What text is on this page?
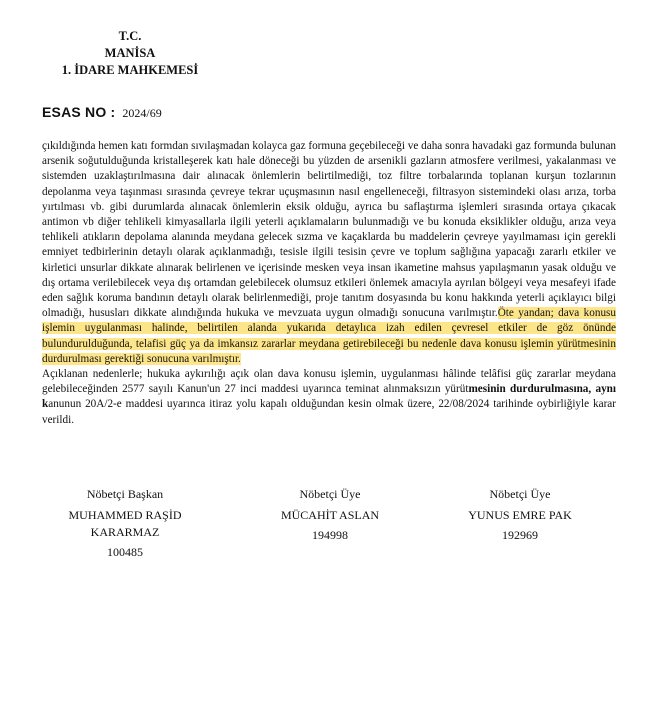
T.C.
MANİSA
1. İDARE MAHKEMESİ
ESAS NO : 2024/69

çıkıldığında hemen katı formdan sıvılaşmadan kolayca gaz formuna geçebileceği ve daha sonra havadaki gaz formunda bulunan arsenik soğutulduğunda kristalleşerek katı hale döneceği bu yüzden de arsenikli gazların atmosfere verilmesi, yakalanması ve sistemden uzaklaştırılmasına dair alınacak önlemlerin belirtilmediği, toz filtre torbalarında toplanan kurşun tozlarının depolanma veya taşınması sırasında çevreye tekrar uçuşmasının nasıl engelleneceği, filtrasyon sistemindeki olası arıza, torba yırtılması vb. gibi durumlarda alınacak önlemlerin eksik olduğu, ayrıca bu saflaştırma işlemleri sırasında ortaya çıkacak antimon vb diğer tehlikeli kimyasallarla ilgili yeterli açıklamaların bulunmadığı ve bu konuda eksiklikler olduğu, arıza veya tehlikeli atıkların depolama alanında meydana gelecek sızma ve kaçaklarda bu maddelerin çevreye yayılmaması için gerekli emniyet tedbirlerinin detaylı olarak açıklanmadığı, tesisle ilgili tesisin çevre ve toplum sağlığına yapacağı zararlı etkiler ve kirletici unsurlar dikkate alınarak belirlenen ve içerisinde mesken veya insan ikametine mahsus yapılaşmanın yasak olduğu ve dış ortama verilebilecek veya dış ortamdan gelebilecek olumsuz etkileri önlemek amacıyla ayrılan bölgeyi veya mesafeyi ifade eden sağlık koruma bandının detaylı olarak belirlenmediği, proje tanıtım dosyasında bu konu hakkında yeterli açıklayıcı bilgi olmadığı, hususları dikkate alındığında hukuka ve mevzuata uygun olmadığı sonucuna varılmıştır.Öte yandan; dava konusu işlemin uygulanması halinde, belirtilen alanda yukarıda detaylıca izah edilen çevresel etkiler de göz önünde bulundurulduğunda, telafisi güç ya da imkansız zararlar meydana getirebileceği bu nedenle dava konusu işlemin yürütmesinin durdurulması gerektiği sonucuna varılmıştır.

Açıklanan nedenlerle; hukuka aykırılığı açık olan dava konusu işlemin, uygulanması hâlinde telâfisi güç zararlar meydana gelebileceğinden 2577 sayılı Kanun'un 27 inci maddesi uyarınca teminat alınmaksızın yürütmesinin durdurulmasına, aynı kanunun 20A/2-e maddesi uyarınca itiraz yolu kapalı olduğundan kesin olmak üzere, 22/08/2024 tarihinde oybirliğiyle karar verildi.

Nöbetçi Başkan
MUHAMMED RAŞİD KARARMAZ
100485
Nöbetçi Üye
MÜCAHİT ASLAN
194998
Nöbetçi Üye
YUNUS EMRE PAK
192969
